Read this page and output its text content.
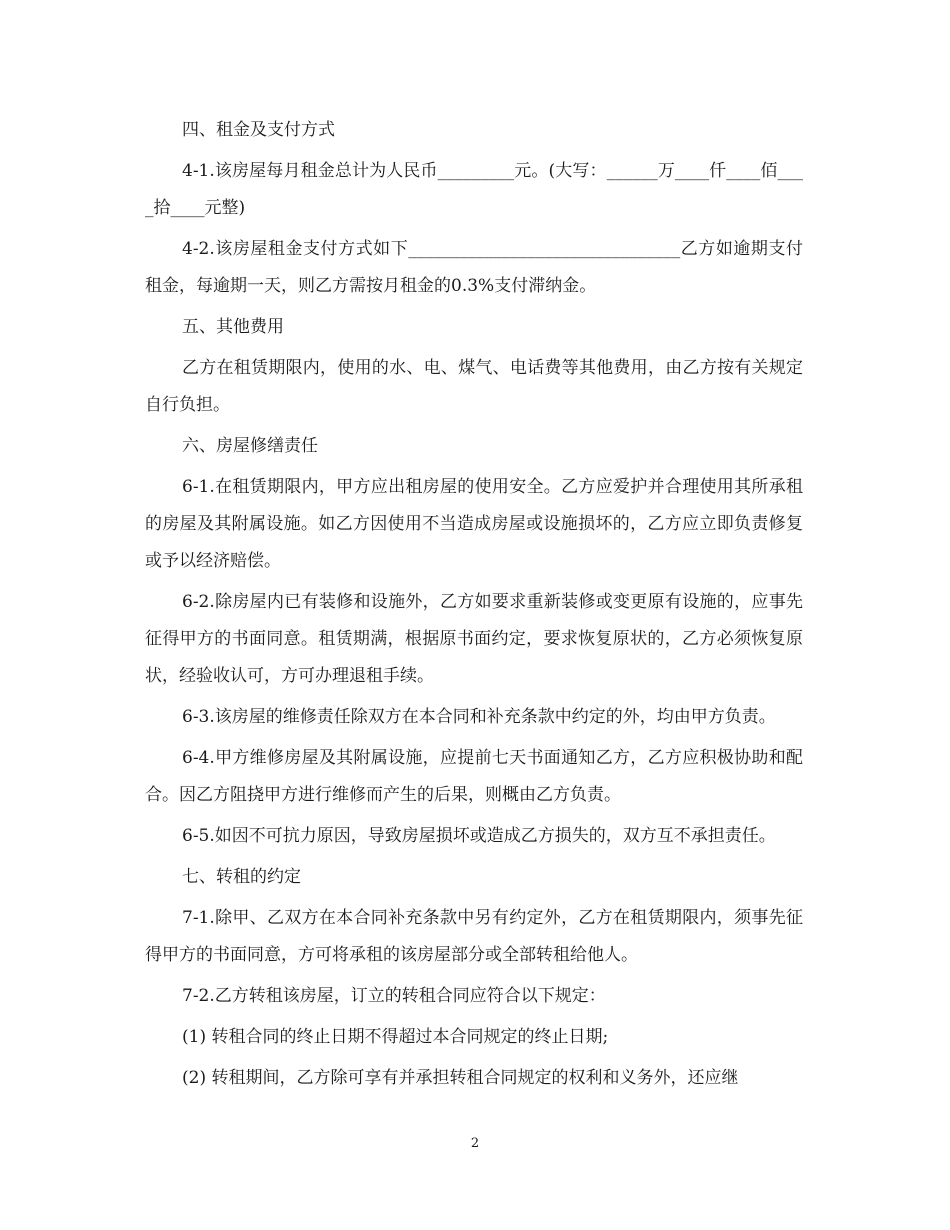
四、租金及支付方式

4-1.该房屋每月租金总计为人民币_________元。(大写：______万____仟____佰____拾____元整)

4-2.该房屋租金支付方式如下________________________________乙方如逾期支付租金，每逾期一天，则乙方需按月租金的0.3%支付滞纳金。

五、其他费用

乙方在租赁期限内，使用的水、电、煤气、电话费等其他费用，由乙方按有关规定自行负担。

六、房屋修缮责任

6-1.在租赁期限内，甲方应出租房屋的使用安全。乙方应爱护并合理使用其所承租的房屋及其附属设施。如乙方因使用不当造成房屋或设施损坏的，乙方应立即负责修复或予以经济赔偿。

6-2.除房屋内已有装修和设施外，乙方如要求重新装修或变更原有设施的，应事先征得甲方的书面同意。租赁期满，根据原书面约定，要求恢复原状的，乙方必须恢复原状，经验收认可，方可办理退租手续。

6-3.该房屋的维修责任除双方在本合同和补充条款中约定的外，均由甲方负责。

6-4.甲方维修房屋及其附属设施，应提前七天书面通知乙方，乙方应积极协助和配合。因乙方阻挠甲方进行维修而产生的后果，则概由乙方负责。

6-5.如因不可抗力原因，导致房屋损坏或造成乙方损失的，双方互不承担责任。

七、转租的约定

7-1.除甲、乙双方在本合同补充条款中另有约定外，乙方在租赁期限内，须事先征得甲方的书面同意，方可将承租的该房屋部分或全部转租给他人。

7-2.乙方转租该房屋，订立的转租合同应符合以下规定：

(1) 转租合同的终止日期不得超过本合同规定的终止日期;

(2) 转租期间，乙方除可享有并承担转租合同规定的权利和义务外，还应继

2
